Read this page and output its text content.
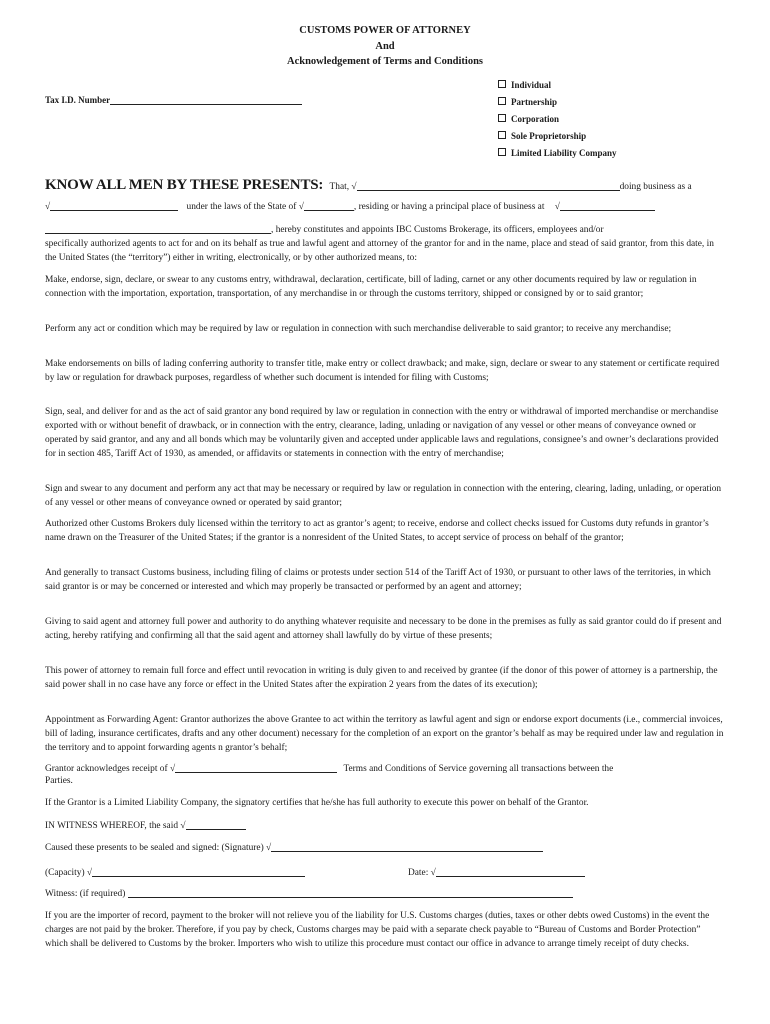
CUSTOMS POWER OF ATTORNEY
And
Acknowledgement of Terms and Conditions
Tax I.D. Number
Individual
Partnership
Corporation
Sole Proprietorship
Limited Liability Company
KNOW ALL MEN BY THESE PRESENTS: That, √	doing business as a
√	under the laws of the State of √	, residing or having a principal place of business at √
, hereby constitutes and appoints IBC Customs Brokerage, its officers, employees and/or
specifically authorized agents to act for and on its behalf as true and lawful agent and attorney of the grantor for and in the name, place and stead of said grantor, from this date, in the United States (the “territory”) either in writing, electronically, or by other authorized means, to:
Make, endorse, sign, declare, or swear to any customs entry, withdrawal, declaration, certificate, bill of lading, carnet or any other documents required by law or regulation in connection with the importation, exportation, transportation, of any merchandise in or through the customs territory, shipped or consigned by or to said grantor;
Perform any act or condition which may be required by law or regulation in connection with such merchandise deliverable to said grantor; to receive any merchandise;
Make endorsements on bills of lading conferring authority to transfer title, make entry or collect drawback; and make, sign, declare or swear to any statement or certificate required by law or regulation for drawback purposes, regardless of whether such document is intended for filing with Customs;
Sign, seal, and deliver for and as the act of said grantor any bond required by law or regulation in connection with the entry or withdrawal of imported merchandise or merchandise exported with or without benefit of drawback, or in connection with the entry, clearance, lading, unlading or navigation of any vessel or other means of conveyance owned or operated by said grantor, and any and all bonds which may be voluntarily given and accepted under applicable laws and regulations, consignee’s and owner’s declarations provided for in section 485, Tariff Act of 1930, as amended, or affidavits or statements in connection with the entry of merchandise;
Sign and swear to any document and perform any act that may be necessary or required by law or regulation in connection with the entering, clearing, lading, unlading, or operation of any vessel or other means of conveyance owned or operated by said grantor;
Authorized other Customs Brokers duly licensed within the territory to act as grantor’s agent; to receive, endorse and collect checks issued for Customs duty refunds in grantor’s name drawn on the Treasurer of the United States; if the grantor is a nonresident of the United States, to accept service of process on behalf of the grantor;
And generally to transact Customs business, including filing of claims or protests under section 514 of the Tariff Act of 1930, or pursuant to other laws of the territories, in which said grantor is or may be concerned or interested and which may properly be transacted or performed by an agent and attorney;
Giving to said agent and attorney full power and authority to do anything whatever requisite and necessary to be done in the premises as fully as said grantor could do if present and acting, hereby ratifying and confirming all that the said agent and attorney shall lawfully do by virtue of these presents;
This power of attorney to remain full force and effect until revocation in writing is duly given to and received by grantee (if the donor of this power of attorney is a partnership, the said power shall in no case have any force or effect in the United States after the expiration 2 years from the dates of its execution);
Appointment as Forwarding Agent: Grantor authorizes the above Grantee to act within the territory as lawful agent and sign or endorse export documents (i.e., commercial invoices, bill of lading, insurance certificates, drafts and any other document) necessary for the completion of an export on the grantor’s behalf as may be required under law and regulation in the territory and to appoint forwarding agents n grantor’s behalf;
Grantor acknowledges receipt of √	Terms and Conditions of Service governing all transactions between the
Parties.
If the Grantor is a Limited Liability Company, the signatory certifies that he/she has full authority to execute this power on behalf of the Grantor.
IN WITNESS WHEREOF, the said √
Caused these presents to be sealed and signed: (Signature) √
(Capacity) √	Date: √
Witness: (if required)
If you are the importer of record, payment to the broker will not relieve you of the liability for U.S. Customs charges (duties, taxes or other debts owed Customs) in the event the charges are not paid by the broker. Therefore, if you pay by check, Customs charges may be paid with a separate check payable to “Bureau of Customs and Border Protection” which shall be delivered to Customs by the broker. Importers who wish to utilize this procedure must contact our office in advance to arrange timely receipt of duty checks.
